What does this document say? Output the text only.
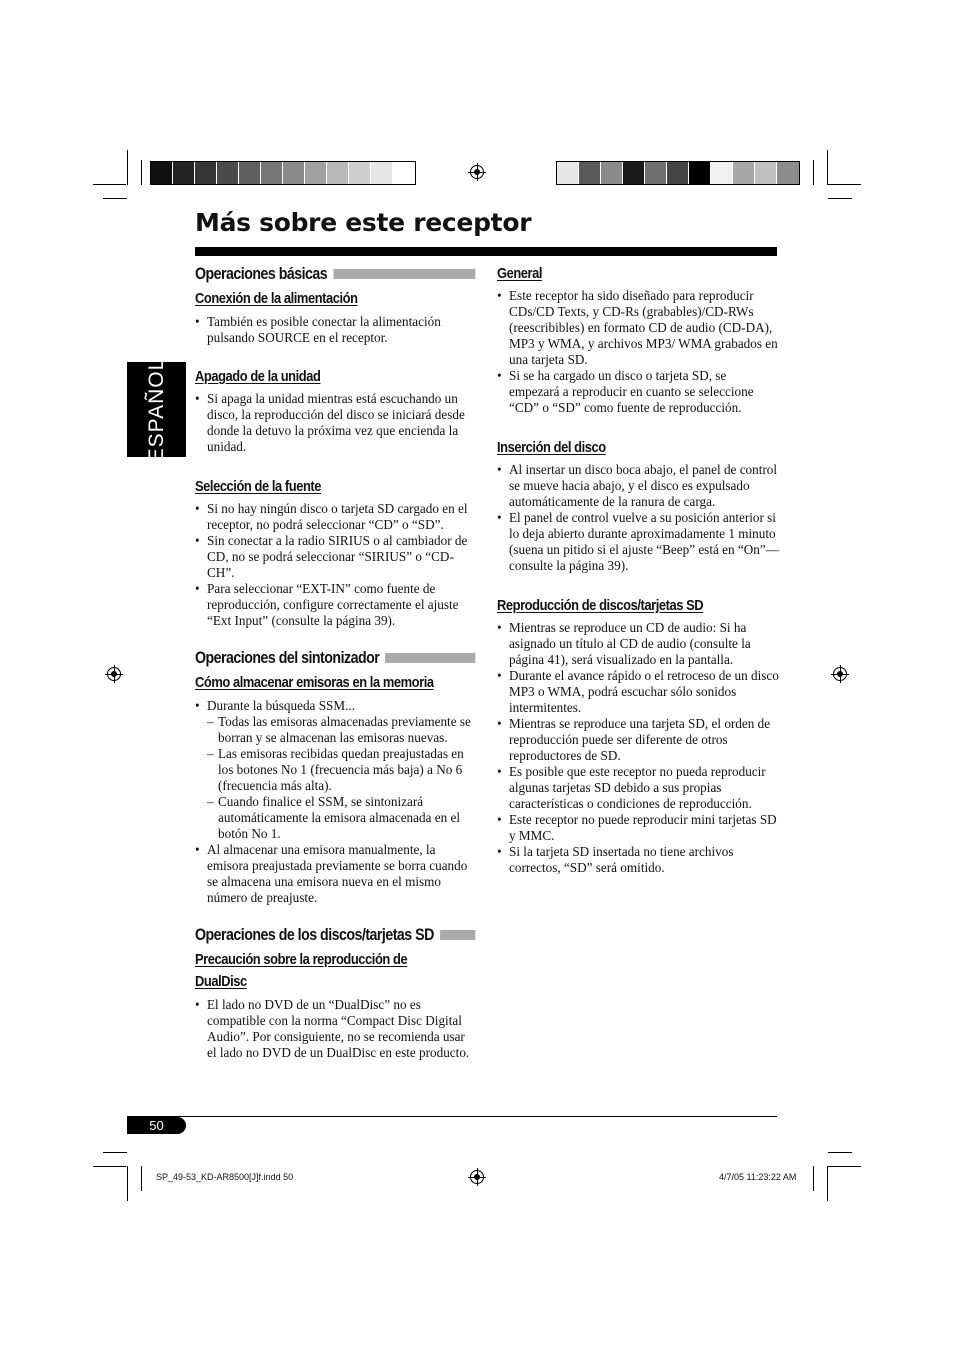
Más sobre este receptor
ESPAÑOL
Operaciones básicas
Conexión de la alimentación
• También es posible conectar la alimentación pulsando SOURCE en el receptor.
Apagado de la unidad
• Si apaga la unidad mientras está escuchando un disco, la reproducción del disco se iniciará desde donde la detuvo la próxima vez que encienda la unidad.
Selección de la fuente
• Si no hay ningún disco o tarjeta SD cargado en el receptor, no podrá seleccionar “CD” o “SD”.
• Sin conectar a la radio SIRIUS o al cambiador de CD, no se podrá seleccionar “SIRIUS” o “CD-CH”.
• Para seleccionar “EXT-IN” como fuente de reproducción, configure correctamente el ajuste “Ext Input” (consulte la página 39).
Operaciones del sintonizador
Cómo almacenar emisoras en la memoria
• Durante la búsqueda SSM...
– Todas las emisoras almacenadas previamente se borran y se almacenan las emisoras nuevas.
– Las emisoras recibidas quedan preajustadas en los botones No 1 (frecuencia más baja) a No 6 (frecuencia más alta).
– Cuando finalice el SSM, se sintonizará automáticamente la emisora almacenada en el botón No 1.
• Al almacenar una emisora manualmente, la emisora preajustada previamente se borra cuando se almacena una emisora nueva en el mismo número de preajuste.
Operaciones de los discos/tarjetas SD
Precaución sobre la reproducción de
DualDisc
• El lado no DVD de un “DualDisc” no es compatible con la norma “Compact Disc Digital Audio”. Por consiguiente, no se recomienda usar el lado no DVD de un DualDisc en este producto.
General
• Este receptor ha sido diseñado para reproducir CDs/CD Texts, y CD-Rs (grabables)/CD-RWs (reescribibles) en formato CD de audio (CD-DA), MP3 y WMA, y archivos MP3/ WMA grabados en una tarjeta SD.
• Si se ha cargado un disco o tarjeta SD, se empezará a reproducir en cuanto se seleccione “CD” o “SD” como fuente de reproducción.
Inserción del disco
• Al insertar un disco boca abajo, el panel de control se mueve hacia abajo, y el disco es expulsado automáticamente de la ranura de carga.
• El panel de control vuelve a su posición anterior si lo deja abierto durante aproximadamente 1 minuto (suena un pitido si el ajuste “Beep” está en “On”—consulte la página 39).
Reproducción de discos/tarjetas SD
• Mientras se reproduce un CD de audio: Si ha asignado un título al CD de audio (consulte la página 41), será visualizado en la pantalla.
• Durante el avance rápido o el retroceso de un disco MP3 o WMA, podrá escuchar sólo sonidos intermitentes.
• Mientras se reproduce una tarjeta SD, el orden de reproducción puede ser diferente de otros reproductores de SD.
• Es posible que este receptor no pueda reproducir algunas tarjetas SD debido a sus propias características o condiciones de reproducción.
• Este receptor no puede reproducir mini tarjetas SD y MMC.
• Si la tarjeta SD insertada no tiene archivos correctos, “SD” será omitido.
50
SP_49-53_KD-AR8500[J]f.indd 50	4/7/05 11:23:22 AM
